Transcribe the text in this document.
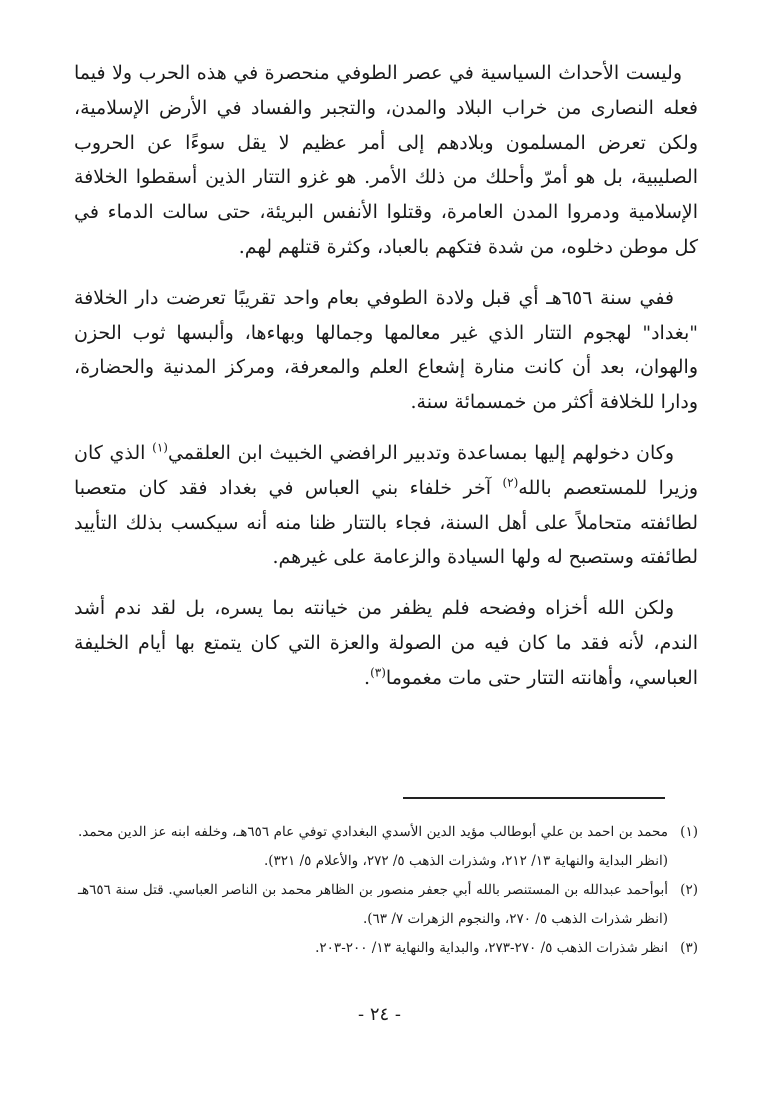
وليست الأحداث السياسية في عصر الطوفي منحصرة في هذه الحرب ولا فيما فعله النصارى من خراب البلاد والمدن، والتجبر والفساد في الأرض الإسلامية، ولكن تعرض المسلمون وبلادهم إلى أمر عظيم لا يقل سوءًا عن الحروب الصليبية، بل هو أمرّ وأحلك من ذلك الأمر. هو غزو التتار الذين أسقطوا الخلافة الإسلامية ودمروا المدن العامرة، وقتلوا الأنفس البريئة، حتى سالت الدماء في كل موطن دخلوه، من شدة فتكهم بالعباد، وكثرة قتلهم لهم.

ففي سنة ٦٥٦هـ أي قبل ولادة الطوفي بعام واحد تقريبًا تعرضت دار الخلافة "بغداد" لهجوم التتار الذي غير معالمها وجمالها وبهاءها، وألبسها ثوب الحزن والهوان، بعد أن كانت منارة إشعاع العلم والمعرفة، ومركز المدنية والحضارة، ودارا للخلافة أكثر من خمسمائة سنة.

وكان دخولهم إليها بمساعدة وتدبير الرافضي الخبيث ابن العلقمي$^{(١)}$ الذي كان وزيرا للمستعصم بالله$^{(٢)}$ آخر خلفاء بني العباس في بغداد فقد كان متعصبا لطائفته متحاملاً على أهل السنة، فجاء بالتتار ظنا منه أنه سيكسب بذلك التأييد لطائفته وستصبح له ولها السيادة والزعامة على غيرهم.

ولكن الله أخزاه وفضحه فلم يظفر من خيانته بما يسره، بل لقد ندم أشد الندم، لأنه فقد ما كان فيه من الصولة والعزة التي كان يتمتع بها أيام الخليفة العباسي، وأهانته التتار حتى مات مغموما$^{(٣)}$.

(١)
محمد بن احمد بن علي أبوطالب مؤيد الدين الأسدي البغدادي توفي عام ٦٥٦هـ، وخلفه ابنه عز الدين محمد. (انظر البداية والنهاية ١٣/ ٢١٢، وشذرات الذهب ٥/ ٢٧٢، والأعلام ٥/ ٣٢١).
(٢)
أبوأحمد عبدالله بن المستنصر بالله أبي جعفر منصور بن الظاهر محمد بن الناصر العباسي. قتل سنة ٦٥٦هـ (انظر شذرات الذهب ٥/ ٢٧٠، والنجوم الزهرات ٧/ ٦٣).
(٣)
انظر شذرات الذهب ٥/ ٢٧٠-٢٧٣، والبداية والنهاية ١٣/ ٢٠٠-٢٠٣.
- ٢٤ -
